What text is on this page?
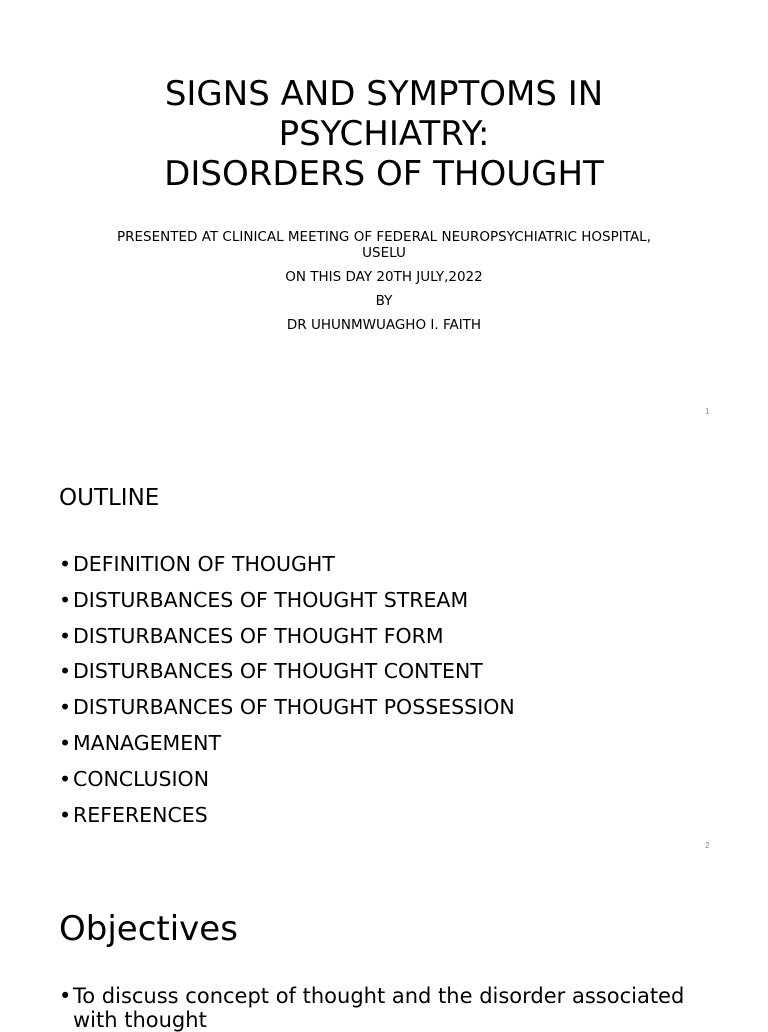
SIGNS AND SYMPTOMS IN
PSYCHIATRY:
DISORDERS OF THOUGHT

PRESENTED AT CLINICAL MEETING OF FEDERAL NEUROPSYCHIATRIC HOSPITAL, USELU

ON THIS DAY 20TH JULY,2022

BY

DR UHUNMWUAGHO I. FAITH

1
OUTLINE
• DEFINITION OF THOUGHT
• DISTURBANCES OF THOUGHT STREAM
• DISTURBANCES OF THOUGHT FORM
• DISTURBANCES OF THOUGHT CONTENT
• DISTURBANCES OF THOUGHT POSSESSION
• MANAGEMENT
• CONCLUSION
• REFERENCES
2
Objectives
• To discuss concept of thought and the disorder associated with thought
